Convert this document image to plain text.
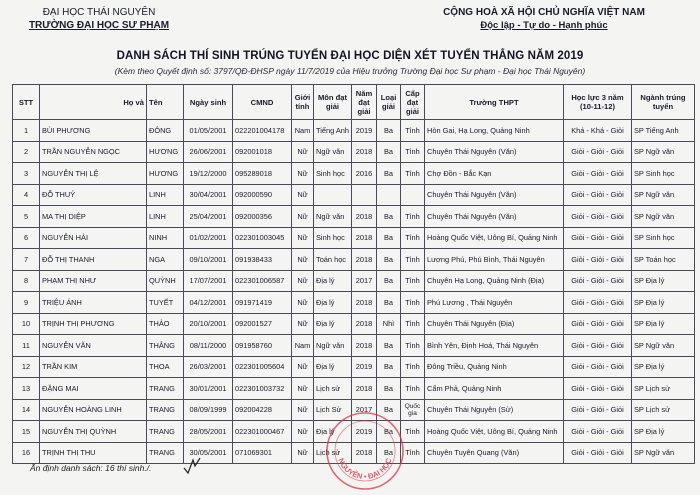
ĐẠI HỌC THÁI NGUYÊN
TRƯỜNG ĐẠI HỌC SƯ PHẠM
CỘNG HOÀ XÃ HỘI CHỦ NGHĨA VIỆT NAM
Độc lập - Tự do - Hạnh phúc
DANH SÁCH THÍ SINH TRÚNG TUYỂN ĐẠI HỌC DIỆN XÉT TUYỂN THẲNG NĂM 2019
(Kèm theo Quyết định số: 3797/QĐ-ĐHSP ngày 11/7/2019 của Hiệu trưởng Trường Đại học Sư phạm - Đại học Thái Nguyên)
STT	Họ và	Tên	Ngày sinh	CMND	Giới tính	Môn đạt giải	Năm đạt giải	Loại giải	Cấp đạt giải	Trường THPT	Học lực 3 năm (10-11-12)	Ngành trúng tuyển
1	BÙI PHƯƠNG	ĐÔNG	01/05/2001	022201004178	Nam	Tiếng Anh	2019	Ba	Tỉnh	Hòn Gai, Hạ Long, Quảng Ninh	Khá - Khá - Giỏi	SP Tiếng Anh
2	TRẦN NGUYỄN NGỌC	HƯƠNG	26/06/2001	092001018	Nữ	Ngữ văn	2018	Ba	Tỉnh	Chuyên Thái Nguyên (Văn)	Giỏi - Giỏi - Giỏi	SP Ngữ văn
3	NGUYỄN THỊ LỆ	HƯƠNG	19/12/2000	095289018	Nữ	Sinh học	2016	Ba	Tỉnh	Chợ Đồn - Bắc Kạn	Giỏi - Giỏi - Giỏi	SP Sinh học
4	ĐỖ THUỶ	LINH	30/04/2001	092000590	Nữ					Chuyên Thái Nguyên (Văn)	Giỏi - Giỏi - Giỏi	SP Ngữ văn
5	MA THỊ DIỆP	LINH	25/04/2001	092000356	Nữ	Ngữ văn	2018	Ba	Tỉnh	Chuyên Thái Nguyên (Văn)	Giỏi - Giỏi - Giỏi	SP Ngữ văn
6	NGUYỄN HẢI	NINH	01/02/2001	022301003045	Nữ	Sinh học	2018	Ba	Tỉnh	Hoàng Quốc Việt, Uông Bí, Quảng Ninh	Giỏi - Giỏi - Giỏi	SP Sinh học
7	ĐỖ THỊ THANH	NGA	09/10/2001	091938433	Nữ	Toán học	2018	Ba	Tỉnh	Lương Phú, Phú Bình, Thái Nguyên	Giỏi - Giỏi - Giỏi	SP Toán học
8	PHẠM THỊ NHƯ	QUỲNH	17/07/2001	022301006587	Nữ	Địa lý	2017	Ba	Tỉnh	Chuyên Hạ Long, Quảng Ninh (Địa)	Giỏi - Giỏi - Giỏi	SP Địa lý
9	TRIỆU ÁNH	TUYẾT	04/12/2001	091971419	Nữ	Địa lý	2018	Ba	Tỉnh	Phú Lương , Thái Nguyên	Giỏi - Giỏi - Giỏi	SP Địa lý
10	TRỊNH THỊ PHƯƠNG	THẢO	20/10/2001	092001527	Nữ	Địa lý	2018	Nhì	Tỉnh	Chuyên Thái Nguyên (Địa)	Giỏi - Giỏi - Giỏi	SP Địa lý
11	NGUYỄN VĂN	THẮNG	08/11/2000	091958760	Nam	Ngữ văn	2018	Ba	Tỉnh	Bình Yên, Định Hoá, Thái Nguyên	Giỏi - Giỏi - Giỏi	SP Ngữ văn
12	TRẦN KIM	THOA	26/03/2001	022301005604	Nữ	Địa lý	2019	Ba	Tỉnh	Đông Triều, Quảng Ninh	Giỏi - Giỏi - Giỏi	SP Địa lý
13	ĐẶNG MAI	TRANG	30/01/2001	022301003732	Nữ	Lịch sử	2018	Ba	Tỉnh	Cẩm Phả, Quảng Ninh	Giỏi - Giỏi - Giỏi	SP Lịch sử
14	NGUYỄN HOÀNG LINH	TRANG	08/09/1999	092004228	Nữ	Lịch Sử	2017	Ba	Quốc gia	Chuyên Thái Nguyên (Sử)	Giỏi - Giỏi - Giỏi	SP Lịch sử
15	NGUYỄN THỊ QUỲNH	TRANG	28/05/2001	022301000467	Nữ	Địa lý	2019	Ba	Tỉnh	Hoàng Quốc Việt, Uông Bí, Quảng Ninh	Giỏi - Giỏi - Giỏi	SP Địa lý
16	TRỊNH THỊ THU	TRANG	30/05/2001	071069301	Nữ	Lịch sử	2018	Ba	Tỉnh	Chuyên Tuyên Quang (Văn)	Giỏi - Giỏi - Giỏi	SP Ngữ văn
Ấn định danh sách: 16 thí sinh./.
NGUYÊN • ĐẠI HỌC
